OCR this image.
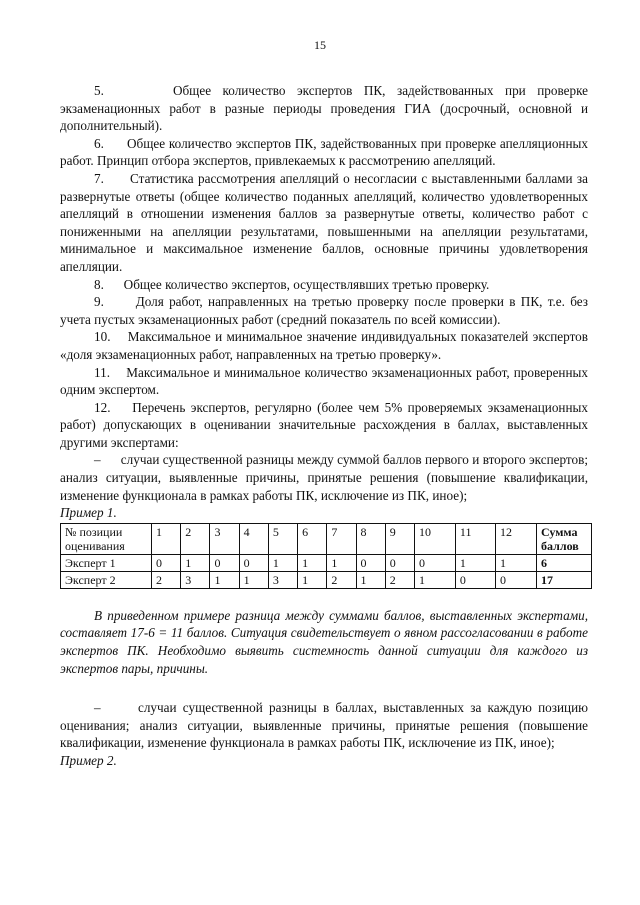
15

5.      Общее количество экспертов ПК, задействованных при проверке экзаменационных работ в разные периоды проведения ГИА (досрочный, основной и дополнительный).

6.      Общее количество экспертов ПК, задействованных при проверке апелляционных работ. Принцип отбора экспертов, привлекаемых к рассмотрению апелляций.

7.      Статистика рассмотрения апелляций о несогласии с выставленными баллами за развернутые ответы (общее количество поданных апелляций, количество удовлетворенных апелляций в отношении изменения баллов за развернутые ответы, количество работ с пониженными на апелляции результатами, повышенными на апелляции результатами, минимальное и максимальное изменение баллов, основные причины удовлетворения апелляции.

8.      Общее количество экспертов, осуществлявших третью проверку.

9.      Доля работ, направленных на третью проверку после проверки в ПК, т.е. без учета пустых экзаменационных работ (средний показатель по всей комиссии).

10.    Максимальное и минимальное значение индивидуальных показателей экспертов «доля экзаменационных работ, направленных на третью проверку».

11.    Максимальное и минимальное количество экзаменационных работ, проверенных одним экспертом.

12.    Перечень экспертов, регулярно (более чем 5% проверяемых экзаменационных работ) допускающих в оценивании значительные расхождения в баллах, выставленных другими экспертами:

–      случаи существенной разницы между суммой баллов первого и второго экспертов; анализ ситуации, выявленные причины, принятые решения (повышение квалификации, изменение функционала в рамках работы ПК, исключение из ПК, иное);

Пример 1.

№ позиции оценивания	1	2	3	4	5	6	7	8	9	10	11	12	Сумма баллов
Эксперт 1	0	1	0	0	1	1	1	0	0	0	1	1	6
Эксперт 2	2	3	1	1	3	1	2	1	2	1	0	0	17

В приведенном примере разница между суммами баллов, выставленных экспертами, составляет 17-6 = 11 баллов. Ситуация свидетельствует о явном рассогласовании в работе экспертов ПК. Необходимо выявить системность данной ситуации для каждого из экспертов пары, причины.

–      случаи существенной разницы в баллах, выставленных за каждую позицию оценивания; анализ ситуации, выявленные причины, принятые решения (повышение квалификации, изменение функционала в рамках работы ПК, исключение из ПК, иное);

Пример 2.
